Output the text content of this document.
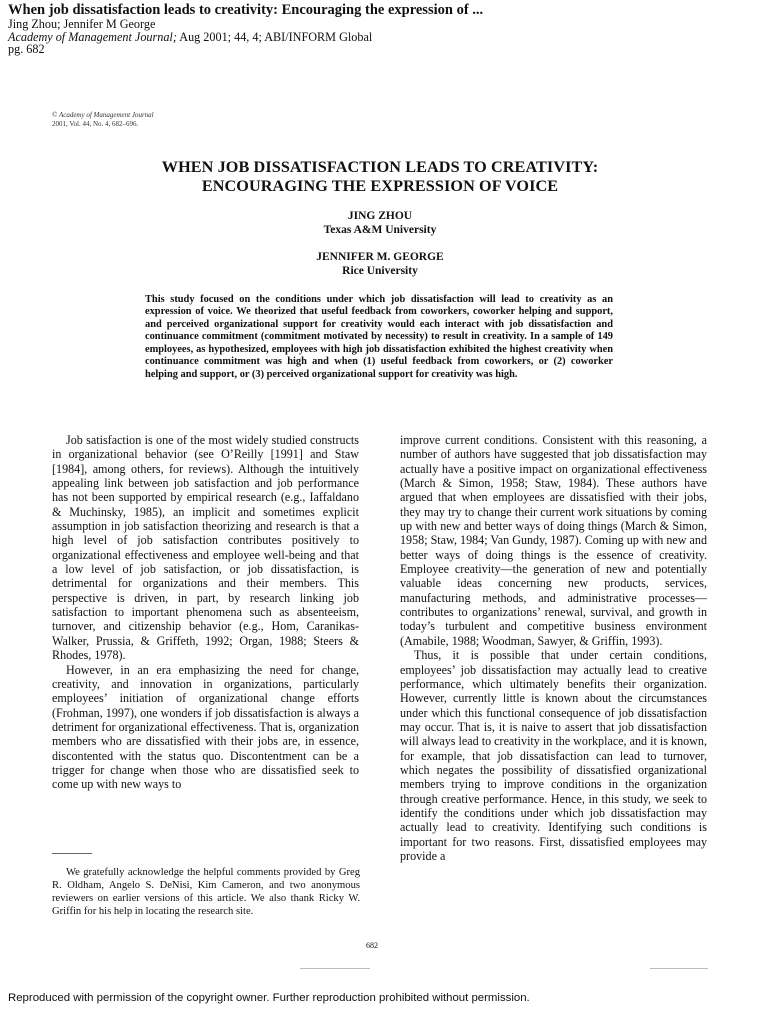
When job dissatisfaction leads to creativity: Encouraging the expression of ...
Jing Zhou; Jennifer M George
Academy of Management Journal; Aug 2001; 44, 4; ABI/INFORM Global
pg. 682
© Academy of Management Journal
2001, Vol. 44, No. 4, 682–696.
WHEN JOB DISSATISFACTION LEADS TO CREATIVITY:
ENCOURAGING THE EXPRESSION OF VOICE
JING ZHOU
Texas A&M University
JENNIFER M. GEORGE
Rice University
This study focused on the conditions under which job dissatisfaction will lead to creativity as an expression of voice. We theorized that useful feedback from coworkers, coworker helping and support, and perceived organizational support for creativity would each interact with job dissatisfaction and continuance commitment (commitment motivated by necessity) to result in creativity. In a sample of 149 employees, as hypothesized, employees with high job dissatisfaction exhibited the highest creativity when continuance commitment was high and when (1) useful feedback from coworkers, or (2) coworker helping and support, or (3) perceived organizational support for creativity was high.

Job satisfaction is one of the most widely studied constructs in organizational behavior (see O’Reilly [1991] and Staw [1984], among others, for reviews). Although the intuitively appealing link between job satisfaction and job performance has not been supported by empirical research (e.g., Iaffaldano & Muchinsky, 1985), an implicit and sometimes explicit assumption in job satisfaction theorizing and research is that a high level of job satisfaction contributes positively to organizational effectiveness and employee well-being and that a low level of job satisfaction, or job dissatisfaction, is detrimental for organizations and their members. This perspective is driven, in part, by research linking job satisfaction to important phenomena such as absenteeism, turnover, and citizenship behavior (e.g., Hom, Caranikas-Walker, Prussia, & Griffeth, 1992; Organ, 1988; Steers & Rhodes, 1978).

However, in an era emphasizing the need for change, creativity, and innovation in organizations, particularly employees’ initiation of organizational change efforts (Frohman, 1997), one wonders if job dissatisfaction is always a detriment for organizational effectiveness. That is, organization members who are dissatisfied with their jobs are, in essence, discontented with the status quo. Discontentment can be a trigger for change when those who are dissatisfied seek to come up with new ways to

improve current conditions. Consistent with this reasoning, a number of authors have suggested that job dissatisfaction may actually have a positive impact on organizational effectiveness (March & Simon, 1958; Staw, 1984). These authors have argued that when employees are dissatisfied with their jobs, they may try to change their current work situations by coming up with new and better ways of doing things (March & Simon, 1958; Staw, 1984; Van Gundy, 1987). Coming up with new and better ways of doing things is the essence of creativity. Employee creativity—the generation of new and potentially valuable ideas concerning new products, services, manufacturing methods, and administrative processes—contributes to organizations’ renewal, survival, and growth in today’s turbulent and competitive business environment (Amabile, 1988; Woodman, Sawyer, & Griffin, 1993).

Thus, it is possible that under certain conditions, employees’ job dissatisfaction may actually lead to creative performance, which ultimately benefits their organization. However, currently little is known about the circumstances under which this functional consequence of job dissatisfaction may occur. That is, it is naive to assert that job dissatisfaction will always lead to creativity in the workplace, and it is known, for example, that job dissatisfaction can lead to turnover, which negates the possibility of dissatisfied organizational members trying to improve conditions in the organization through creative performance. Hence, in this study, we seek to identify the conditions under which job dissatisfaction may actually lead to creativity. Identifying such conditions is important for two reasons. First, dissatisfied employees may provide a

We gratefully acknowledge the helpful comments provided by Greg R. Oldham, Angelo S. DeNisi, Kim Cameron, and two anonymous reviewers on earlier versions of this article. We also thank Ricky W. Griffin for his help in locating the research site.

682
Reproduced with permission of the copyright owner. Further reproduction prohibited without permission.
